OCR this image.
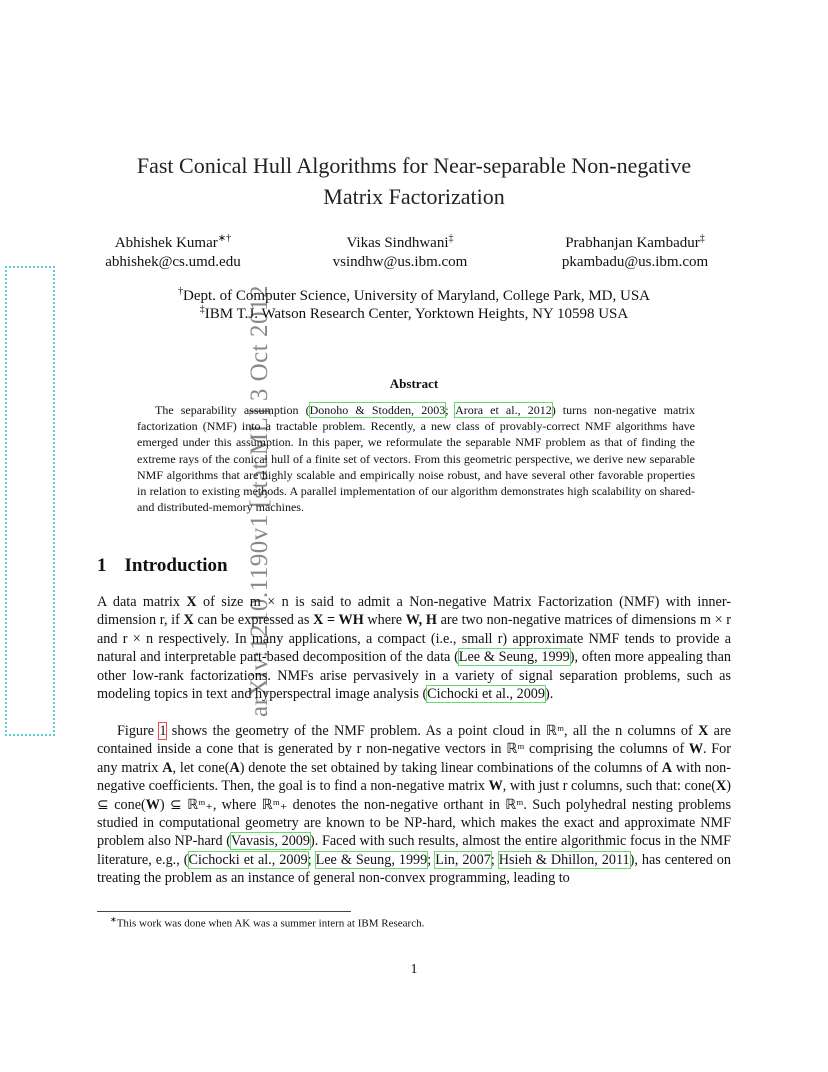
arXiv:1210.1190v1 [stat.ML] 3 Oct 2012
Fast Conical Hull Algorithms for Near-separable Non-negative
Matrix Factorization
Abhishek Kumar∗†
abhishek@cs.umd.edu
Vikas Sindhwani‡
vsindhw@us.ibm.com
Prabhanjan Kambadur‡
pkambadu@us.ibm.com
†Dept. of Computer Science, University of Maryland, College Park, MD, USA
‡IBM T.J. Watson Research Center, Yorktown Heights, NY 10598 USA
Abstract

The separability assumption (Donoho & Stodden, 2003; Arora et al., 2012) turns non-negative matrix factorization (NMF) into a tractable problem. Recently, a new class of provably-correct NMF algorithms have emerged under this assumption. In this paper, we reformulate the separable NMF problem as that of finding the extreme rays of the conical hull of a finite set of vectors. From this geometric perspective, we derive new separable NMF algorithms that are highly scalable and empirically noise robust, and have several other favorable properties in relation to existing methods. A parallel implementation of our algorithm demonstrates high scalability on shared- and distributed-memory machines.

1 Introduction

A data matrix X of size m × n is said to admit a Non-negative Matrix Factorization (NMF) with inner-dimension r, if X can be expressed as X = WH where W, H are two non-negative matrices of dimensions m × r and r × n respectively. In many applications, a compact (i.e., small r) approximate NMF tends to provide a natural and interpretable part-based decomposition of the data (Lee & Seung, 1999), often more appealing than other low-rank factorizations. NMFs arise pervasively in a variety of signal separation problems, such as modeling topics in text and hyperspectral image analysis (Cichocki et al., 2009).

Figure 1 shows the geometry of the NMF problem. As a point cloud in ℝᵐ, all the n columns of X are contained inside a cone that is generated by r non-negative vectors in ℝᵐ comprising the columns of W. For any matrix A, let cone(A) denote the set obtained by taking linear combinations of the columns of A with non-negative coefficients. Then, the goal is to find a non-negative matrix W, with just r columns, such that: cone(X) ⊆ cone(W) ⊆ ℝᵐ₊, where ℝᵐ₊ denotes the non-negative orthant in ℝᵐ. Such polyhedral nesting problems studied in computational geometry are known to be NP-hard, which makes the exact and approximate NMF problem also NP-hard (Vavasis, 2009). Faced with such results, almost the entire algorithmic focus in the NMF literature, e.g., (Cichocki et al., 2009; Lee & Seung, 1999; Lin, 2007; Hsieh & Dhillon, 2011), has centered on treating the problem as an instance of general non-convex programming, leading to

∗This work was done when AK was a summer intern at IBM Research.
1
